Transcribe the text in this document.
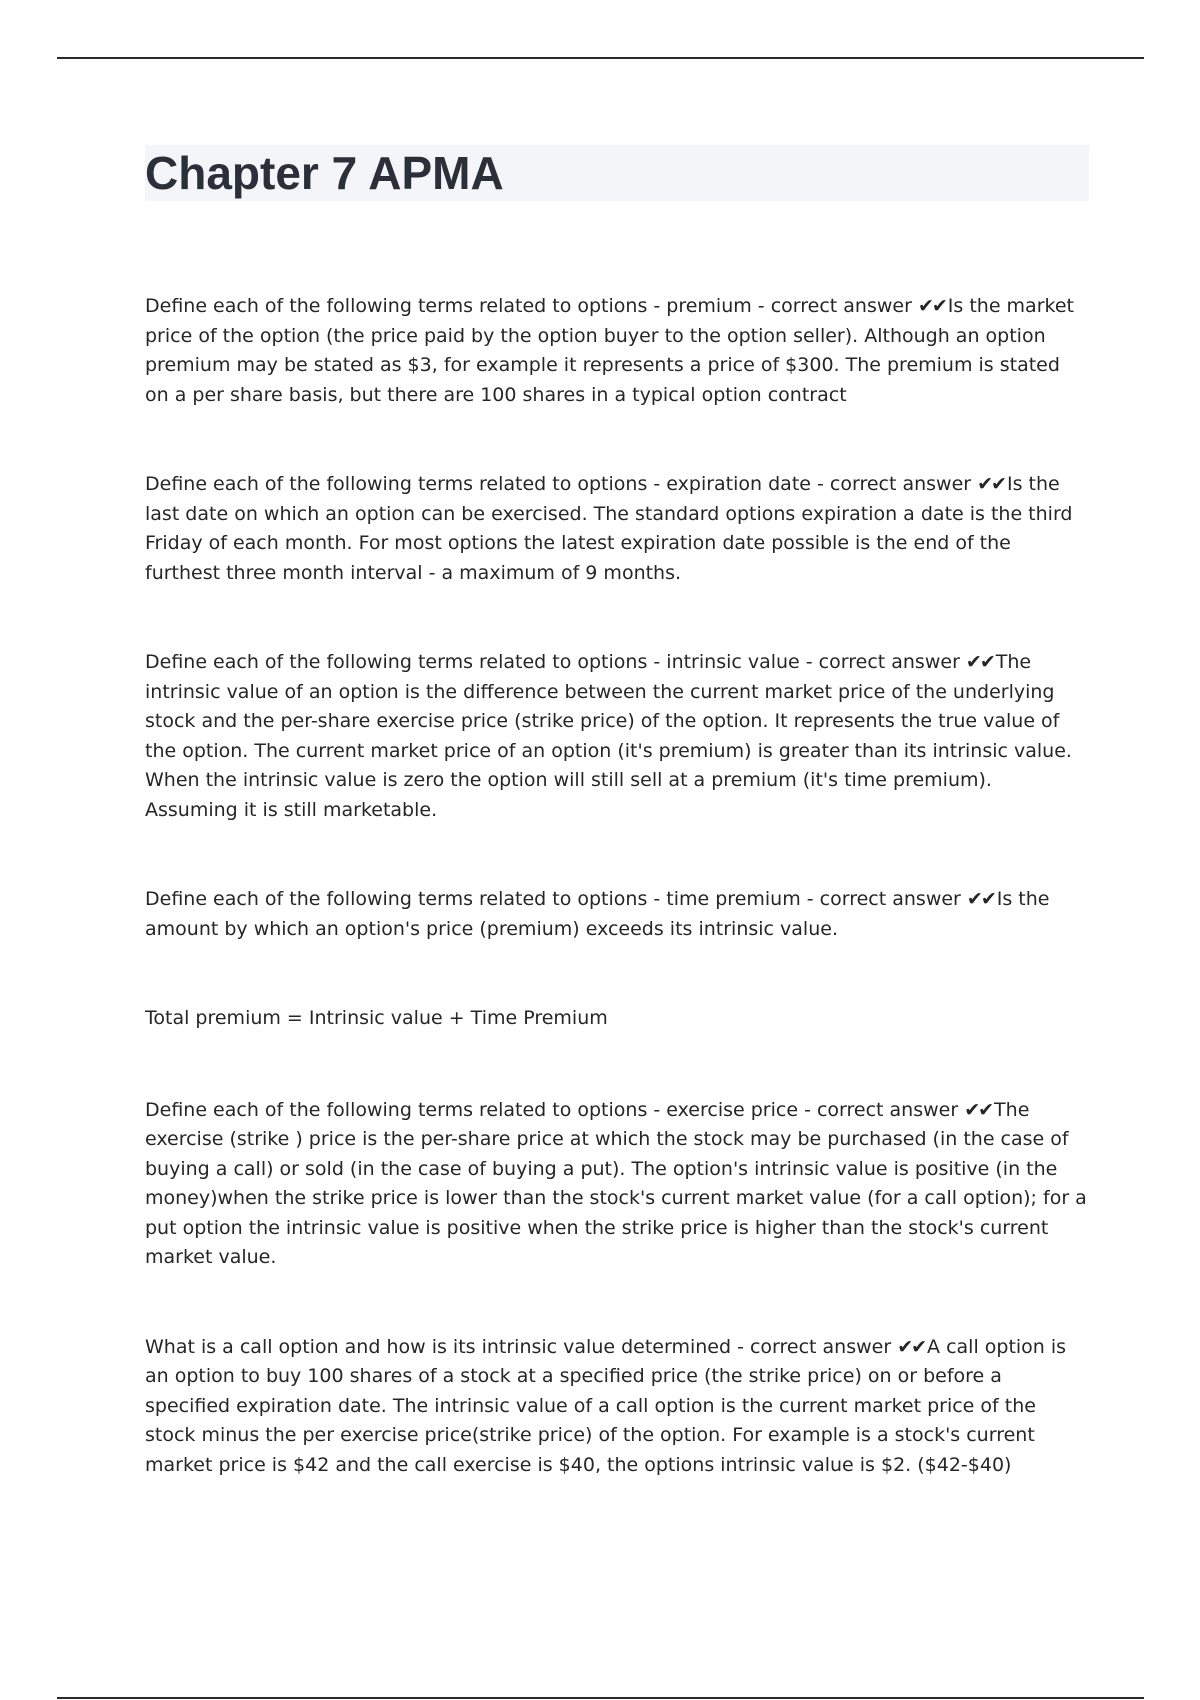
Chapter 7 APMA

Define each of the following terms related to options - premium - correct answer ✔✔ Is the market price of the option (the price paid by the option buyer to the option seller). Although an option premium may be stated as $3, for example it represents a price of $300. The premium is stated on a per share basis, but there are 100 shares in a typical option contract

Define each of the following terms related to options - expiration date - correct answer ✔✔ Is the last date on which an option can be exercised. The standard options expiration a date is the third Friday of each month. For most options the latest expiration date possible is the end of the furthest three month interval - a maximum of 9 months.

Define each of the following terms related to options - intrinsic value - correct answer ✔✔ The intrinsic value of an option is the difference between the current market price of the underlying stock and the per-share exercise price (strike price) of the option. It represents the true value of the option. The current market price of an option (it's premium) is greater than its intrinsic value. When the intrinsic value is zero the option will still sell at a premium (it's time premium). Assuming it is still marketable.

Define each of the following terms related to options - time premium - correct answer ✔✔ Is the amount by which an option's price (premium) exceeds its intrinsic value.

Total premium = Intrinsic value + Time Premium

Define each of the following terms related to options - exercise price - correct answer ✔✔ The exercise (strike ) price is the per-share price at which the stock may be purchased (in the case of buying a call) or sold (in the case of buying a put). The option's intrinsic value is positive (in the money)when the strike price is lower than the stock's current market value (for a call option); for a put option the intrinsic value is positive when the strike price is higher than the stock's current market value.

What is a call option and how is its intrinsic value determined - correct answer ✔✔ A call option is an option to buy 100 shares of a stock at a specified price (the strike price) on or before a specified expiration date. The intrinsic value of a call option is the current market price of the stock minus the per exercise price(strike price) of the option. For example is a stock's current market price is $42 and the call exercise is $40, the options intrinsic value is $2. ($42-$40)
